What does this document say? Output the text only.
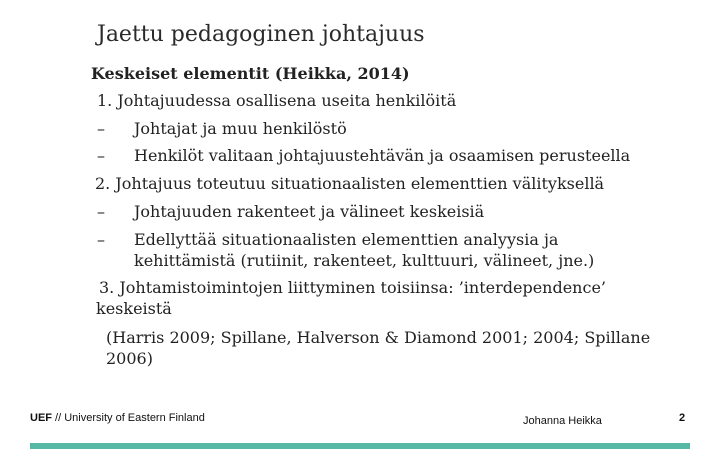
Jaettu pedagoginen johtajuus
Keskeiset elementit (Heikka, 2014)
1. Johtajuudessa osallisena useita henkilöitä
– Johtajat ja muu henkilöstö
– Henkilöt valitaan johtajuustehtävän ja osaamisen perusteella
2. Johtajuus toteutuu situationaalisten elementtien välityksellä
– Johtajuuden rakenteet ja välineet keskeisiä
– Edellyttää situationaalisten elementtien analyysia ja
kehittämistä (rutiinit, rakenteet, kulttuuri, välineet, jne.)
3. Johtamistoimintojen liittyminen toisiinsa: ’interdependence’
keskeistä
(Harris 2009; Spillane, Halverson & Diamond 2001; 2004; Spillane
2006)
UEF // University of Eastern Finland	Johanna Heikka	2
